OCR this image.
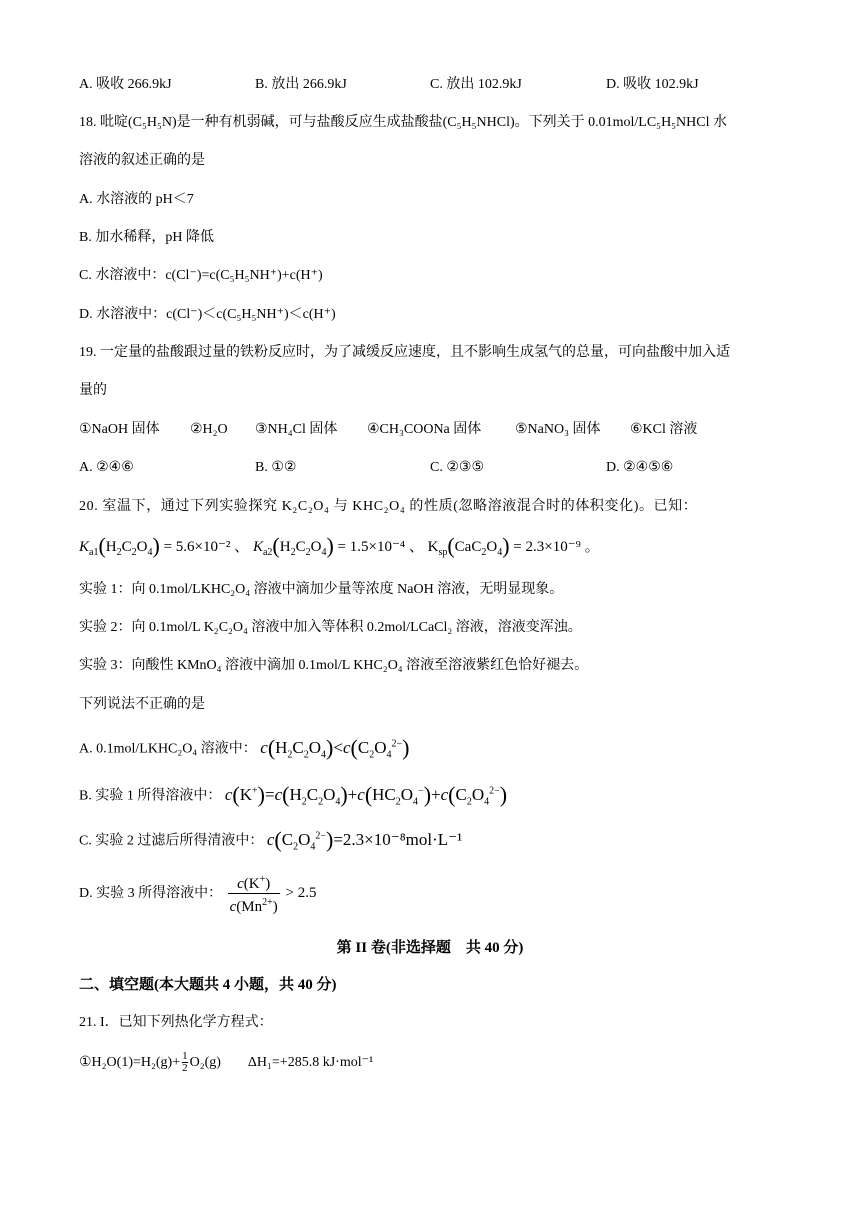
A. 吸收 266.9kJ	B. 放出 266.9kJ	C. 放出 102.9kJ	D. 吸收 102.9kJ
18. 吡啶(C₅H₅N)是一种有机弱碱，可与盐酸反应生成盐酸盐(C₅H₅NHCl)。下列关于 0.01mol/LC₅H₅NHCl 水
溶液的叙述正确的是
A. 水溶液的 pH＜7
B. 加水稀释，pH 降低
C. 水溶液中：c(Cl⁻)=c(C₅H₅NH⁺)+c(H⁺)
D. 水溶液中：c(Cl⁻)＜c(C₅H₅NH⁺)＜c(H⁺)
19. 一定量的盐酸跟过量的铁粉反应时，为了减缓反应速度，且不影响生成氢气的总量，可向盐酸中加入适
量的
①NaOH 固体 ②H₂O ③NH₄Cl 固体 ④CH₃COONa 固体 ⑤NaNO₃ 固体 ⑥KCl 溶液
A. ②④⑥	B. ①②	C. ②③⑤	D. ②④⑤⑥
20. 室温下，通过下列实验探究 K₂C₂O₄ 与 KHC₂O₄ 的性质(忽略溶液混合时的体积变化)。已知：
$K_{a1}(H_2C_2O_4) = 5.6\times 10^{-2}$ 、 $K_{a2}(H_2C_2O_4) = 1.5\times 10^{-4}$ 、 $K_{sp}(CaC_2O_4) = 2.3\times 10^{-9}$ 。
实验 1：向 0.1mol/LKHC₂O₄ 溶液中滴加少量等浓度 NaOH 溶液，无明显现象。
实验 2：向 0.1mol/L K₂C₂O₄ 溶液中加入等体积 0.2mol/LCaCl₂ 溶液，溶液变浑浊。
实验 3：向酸性 KMnO₄ 溶液中滴加 0.1mol/L KHC₂O₄ 溶液至溶液紫红色恰好褪去。
下列说法不正确的是
A. 0.1mol/LKHC₂O₄ 溶液中： $c(H_2C_2O_4)<c(C_2O_4^{2-})$
B. 实验 1 所得溶液中： $c(K^+)=c(H_2C_2O_4)+c(HC_2O_4^-)+c(C_2O_4^{2-})$
C. 实验 2 过滤后所得清液中： $c(C_2O_4^{2-})=2.3\times 10^{-8}mol\cdot L^{-1}$
D. 实验 3 所得溶液中： $\frac{c(K^+)}{c(Mn^{2+})} > 2.5$
第 II 卷(非选择题　共 40 分)
二、填空题(本大题共 4 小题，共 40 分)
21. I．已知下列热化学方程式：
①H₂O(1)=H₂(g)+ $\frac{1}{2} O_2(g)$ ΔH₁=+285.8 kJ·mol⁻¹
